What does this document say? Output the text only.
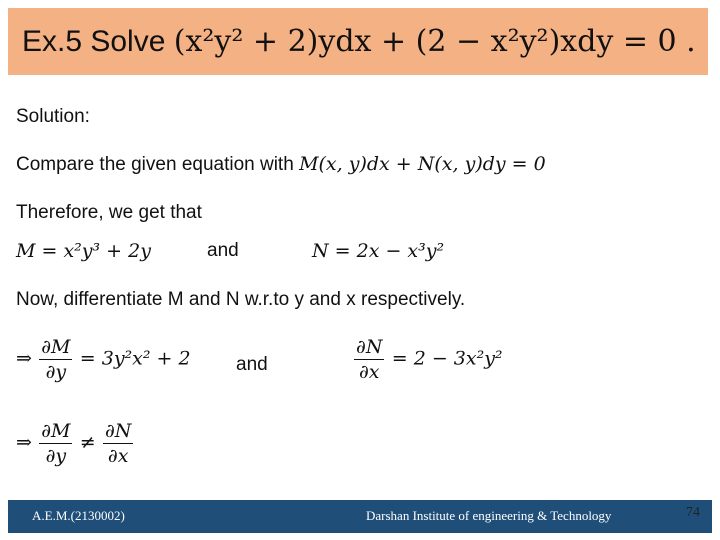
Ex.5 Solve (x²y² + 2)ydx + (2 − x²y²)xdy = 0 .
Solution:
Compare the given equation with M(x, y)dx + N(x, y)dy = 0
Therefore, we get that
M = x²y³ + 2y	and	N = 2x − x³y²
Now, differentiate M and N w.r.to y and x respectively.
⇒ $\frac{\partial M}{\partial y} = 3y^2x^2 + 2$ and	$\frac{\partial N}{\partial x} = 2 - 3x^2y^2$
⇒ $\frac{\partial M}{\partial y} \ne \frac{\partial N}{\partial x}$
A.E.M.(2130002)	Darshan Institute of engineering & Technology	74
